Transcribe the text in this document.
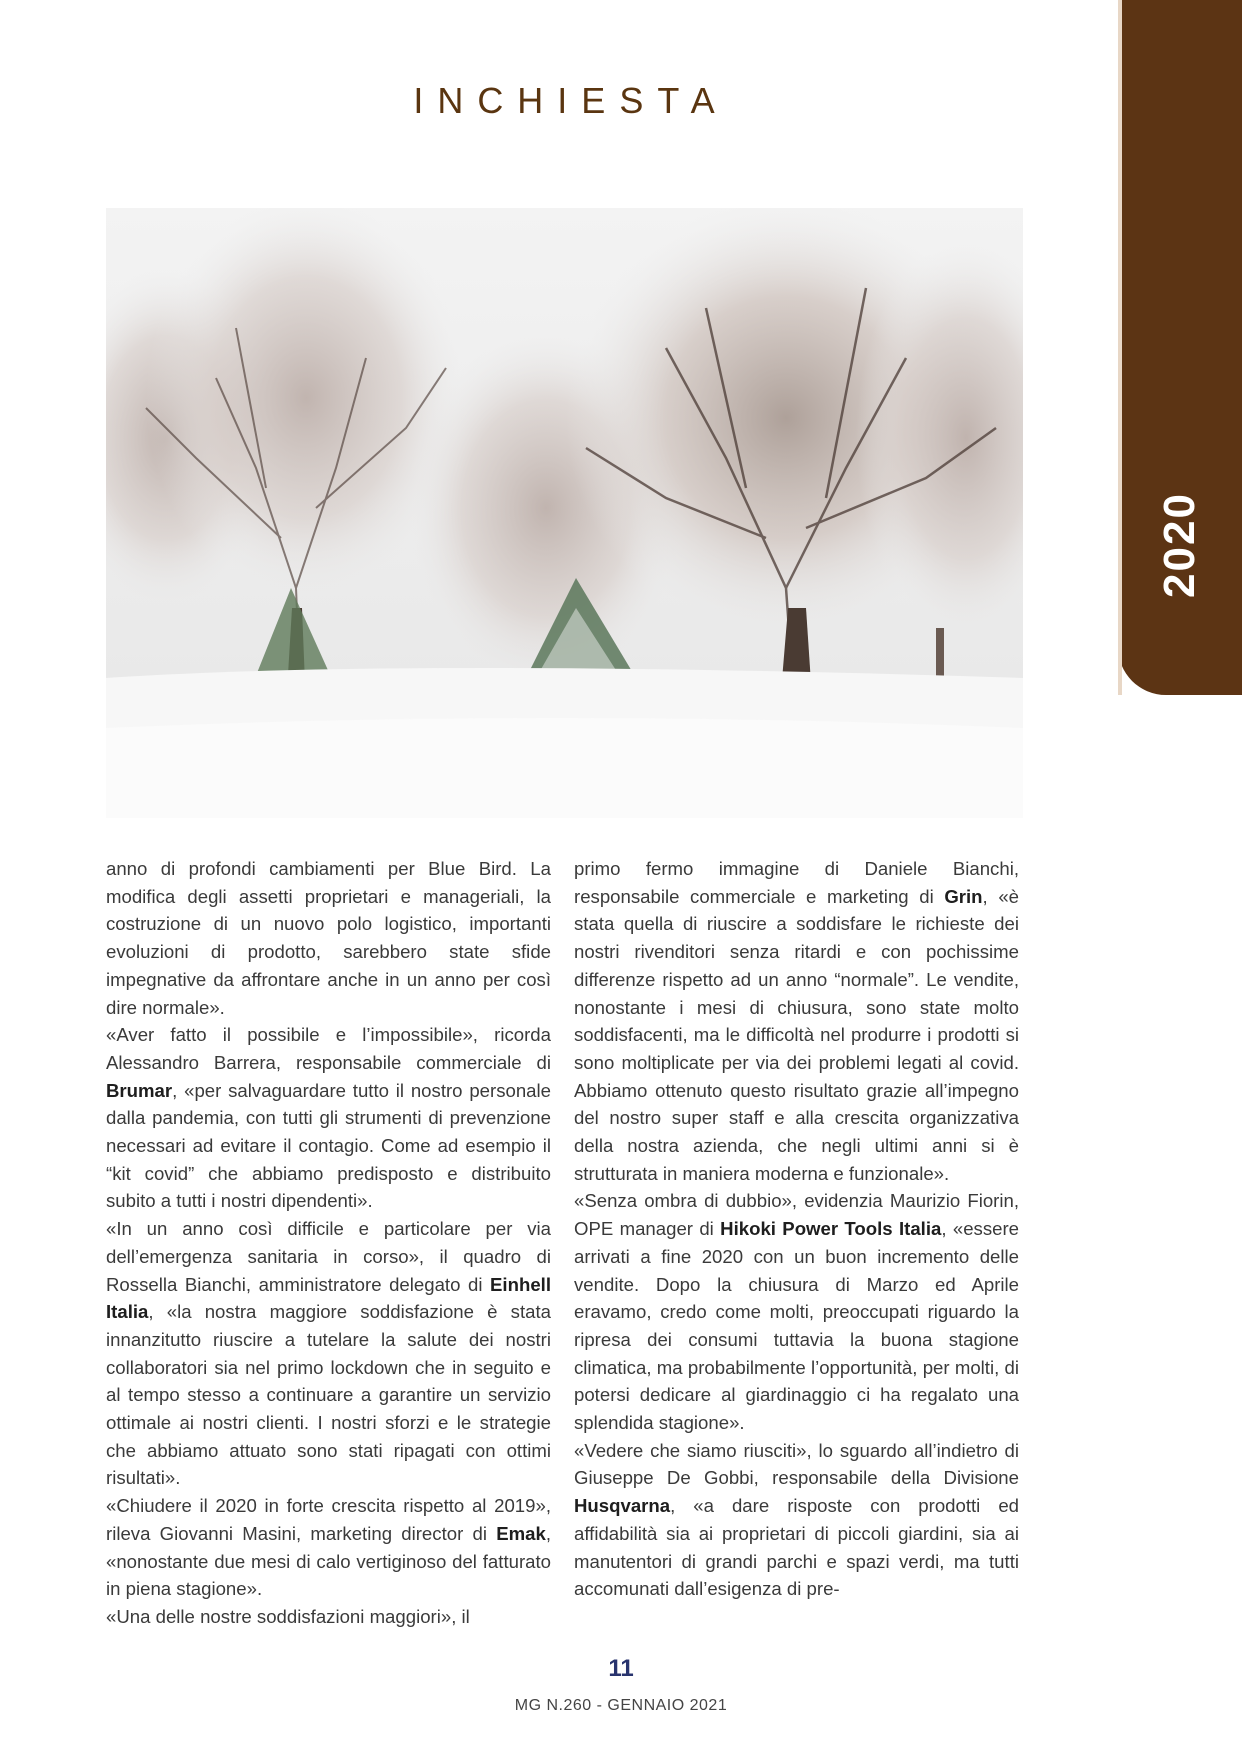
2020
INCHIESTA

anno di profondi cambiamenti per Blue Bird. La modifica degli assetti proprietari e manageriali, la costruzione di un nuovo polo logistico, importanti evoluzioni di prodotto, sarebbero state sfide impegnative da affrontare anche in un anno per così dire normale».

«Aver fatto il possibile e l’impossibile», ricorda Alessandro Barrera, responsabile commerciale di Brumar, «per salvaguardare tutto il nostro personale dalla pandemia, con tutti gli strumenti di prevenzione necessari ad evitare il contagio. Come ad esempio il “kit covid” che abbiamo predisposto e distribuito subito a tutti i nostri dipendenti».

«In un anno così difficile e particolare per via dell’emergenza sanitaria in corso», il quadro di Rossella Bianchi, amministratore delegato di Einhell Italia, «la nostra maggiore soddisfazione è stata innanzitutto riuscire a tutelare la salute dei nostri collaboratori sia nel primo lockdown che in seguito e al tempo stesso a continuare a garantire un servizio ottimale ai nostri clienti. I nostri sforzi e le strategie che abbiamo attuato sono stati ripagati con ottimi risultati».

«Chiudere il 2020 in forte crescita rispetto al 2019», rileva Giovanni Masini, marketing director di Emak, «nonostante due mesi di calo vertiginoso del fatturato in piena stagione».

«Una delle nostre soddisfazioni maggiori», il

primo fermo immagine di Daniele Bianchi, responsabile commerciale e marketing di Grin, «è stata quella di riuscire a soddisfare le richieste dei nostri rivenditori senza ritardi e con pochissime differenze rispetto ad un anno “normale”. Le vendite, nonostante i mesi di chiusura, sono state molto soddisfacenti, ma le difficoltà nel produrre i prodotti si sono moltiplicate per via dei problemi legati al covid. Abbiamo ottenuto questo risultato grazie all’impegno del nostro super staff e alla crescita organizzativa della nostra azienda, che negli ultimi anni si è strutturata in maniera moderna e funzionale».

«Senza ombra di dubbio», evidenzia Maurizio Fiorin, OPE manager di Hikoki Power Tools Italia, «essere arrivati a fine 2020 con un buon incremento delle vendite. Dopo la chiusura di Marzo ed Aprile eravamo, credo come molti, preoccupati riguardo la ripresa dei consumi tuttavia la buona stagione climatica, ma probabilmente l’opportunità, per molti, di potersi dedicare al giardinaggio ci ha regalato una splendida stagione».

«Vedere che siamo riusciti», lo sguardo all’indietro di Giuseppe De Gobbi, responsabile della Divisione Husqvarna, «a dare risposte con prodotti ed affidabilità sia ai proprietari di piccoli giardini, sia ai manutentori di grandi parchi e spazi verdi, ma tutti accomunati dall’esigenza di pre-

11
MG N.260 - GENNAIO 2021
